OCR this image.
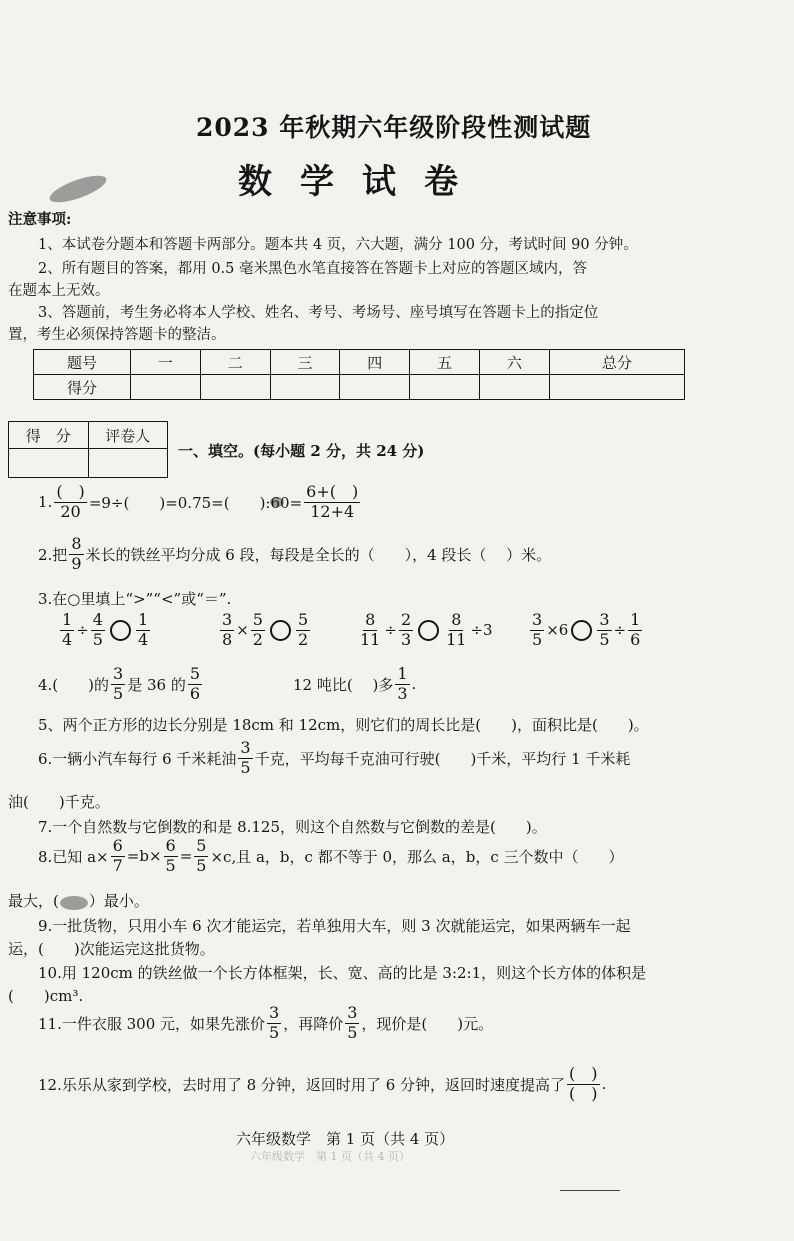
2023 年秋期六年级阶段性测试题
数学试卷
注意事项:
1、本试卷分题本和答题卡两部分。题本共 4 页，六大题，满分 100 分，考试时间 90 分钟。
2、所有题目的答案，都用 0.5 毫米黑色水笔直接答在答题卡上对应的答题区域内，答
在题本上无效。
3、答题前，考生务必将本人学校、姓名、考号、考场号、座号填写在答题卡上的指定位
置，考生必须保持答题卡的整洁。
题号	一	二	三	四	五	六	总分
得分							
得　分	评卷人

一、填空。(每小题 2 分，共 24 分)
1. $\frac{( )}{20} =9\div$(　　)=0.75=(　　):60= $\frac{6+( )}{12+4}$
2.把 $\frac{8}{9}$ 米长的铁丝平均分成 6 段，每段是全长的（　　），4 段长（　 ）米。
3.在○里填上“>”“<”或“＝”.
$\frac{1}{4} \div \frac{4}{5} \frac{1}{4}$	$\frac{3}{8} \times \frac{5}{2} \frac{5}{2}$	$\frac{8}{11} \div \frac{2}{3} \frac{8}{11} \div 3 \frac{3}{5} \times 6 \frac{3}{5} \div \frac{1}{6}$
4.(　　)的 $\frac{3}{5}$ 是 36 的 $\frac{5}{6}$	12 吨比(　 )多 $\frac{1}{3}$ .
5、两个正方形的边长分别是 18cm 和 12cm，则它们的周长比是(　　)，面积比是(　　)。
6.一辆小汽车每行 6 千米耗油 $\frac{3}{5}$ 千克，平均每千克油可行驶(　　)千米，平均行 1 千米耗
油(　　)千克。
7.一个自然数与它倒数的和是 8.125，则这个自然数与它倒数的差是(　　)。
8.已知 $a\times \frac{6}{7} =b\times \frac{6}{5} = \frac{5}{5} \times c$,且 a，b，c 都不等于 0，那么 a，b，c 三个数中（　　）
最大，(　　）最小。
9.一批货物，只用小车 6 次才能运完，若单独用大车，则 3 次就能运完，如果两辆车一起
运，(　　)次能运完这批货物。
10.用 120cm 的铁丝做一个长方体框架，长、宽、高的比是 3:2:1，则这个长方体的体积是
(　　)cm³.
11.一件衣服 300 元，如果先涨价 $\frac{3}{5}$ ，再降价 $\frac{3}{5}$ ，现价是(　　)元。
12.乐乐从家到学校，去时用了 8 分钟，返回时用了 6 分钟，返回时速度提高了 $\frac{( )}{( )}$ .
六年级数学　第 1 页（共 4 页）
六年级数学　第 1 页（共 4 页）
